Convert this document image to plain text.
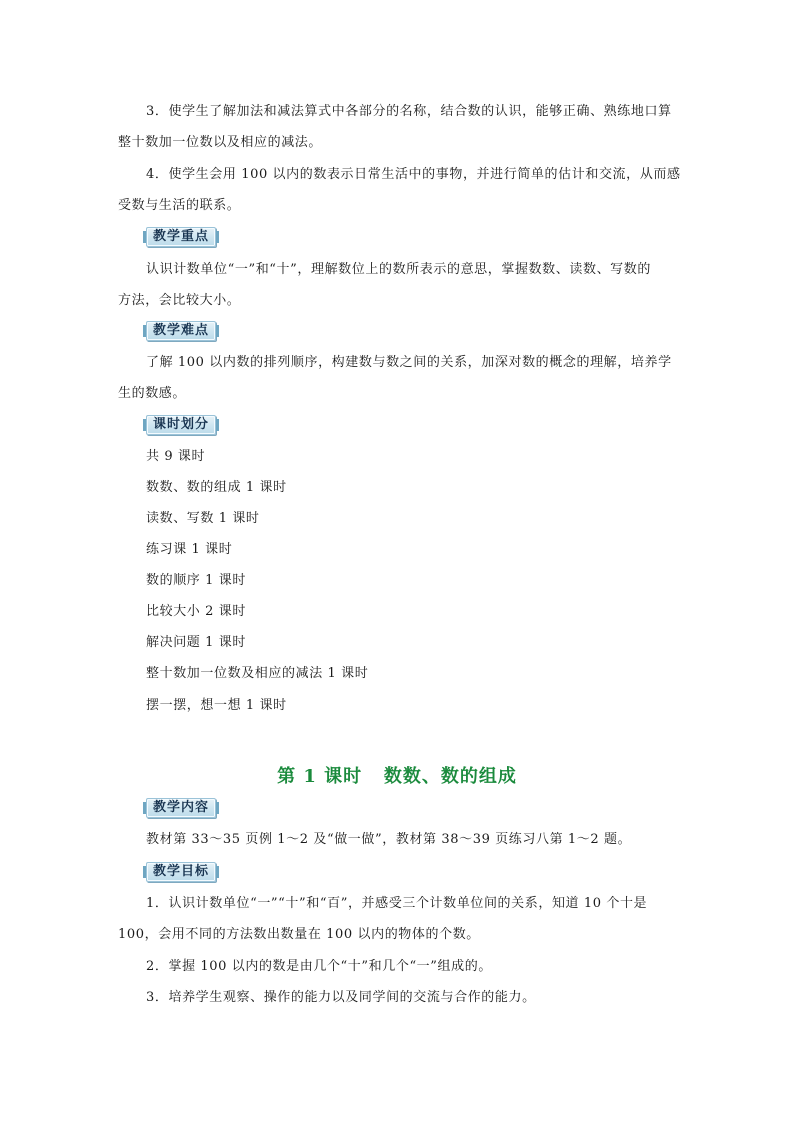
3．使学生了解加法和减法算式中各部分的名称，结合数的认识，能够正确、熟练地口算
整十数加一位数以及相应的减法。
4．使学生会用 100 以内的数表示日常生活中的事物，并进行简单的估计和交流，从而感
受数与生活的联系。
教学重点
认识计数单位“一”和“十”，理解数位上的数所表示的意思，掌握数数、读数、写数的
方法，会比较大小。
教学难点
了解 100 以内数的排列顺序，构建数与数之间的关系，加深对数的概念的理解，培养学
生的数感。
课时划分
共 9 课时
数数、数的组成 1 课时
读数、写数 1 课时
练习课 1 课时
数的顺序 1 课时
比较大小 2 课时
解决问题 1 课时
整十数加一位数及相应的减法 1 课时
摆一摆，想一想 1 课时
第 1 课时   数数、数的组成
教学内容
教材第 33～35 页例 1～2 及“做一做”，教材第 38～39 页练习八第 1～2 题。
教学目标
1．认识计数单位“一”“十”和“百”，并感受三个计数单位间的关系，知道 10 个十是
100，会用不同的方法数出数量在 100 以内的物体的个数。
2．掌握 100 以内的数是由几个“十”和几个“一”组成的。
3．培养学生观察、操作的能力以及同学间的交流与合作的能力。
